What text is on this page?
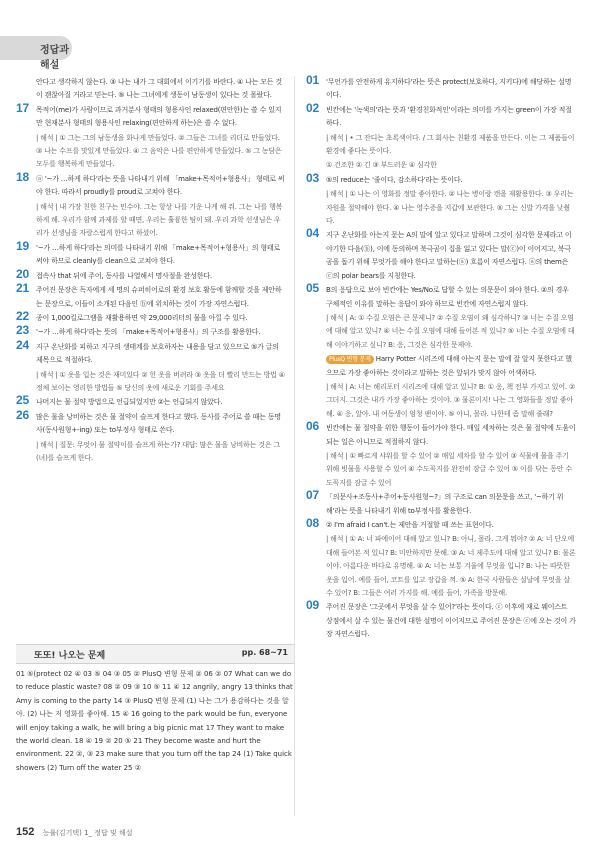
정답과 해설
안다고 생각하지 않는다. ③ 나는 내가 그 대회에서 이기기를 바란다. ④ 나는 모든 것이 괜찮아질 거라고 믿는다. ⑤ 나는 그녀에게 생동이 남동생이 있다는 것 몰랐다.
17 목적어(me)가 사람이므로 과거분사 형태의 형용사인 relaxed(편안한)는 쓸 수 있지만 현재분사 형태의 형용사인 relaxing(편안하게 하는)은 쓸 수 없다.
| 해석 | ① 그는 그의 남동생을 화나게 만들었다. ② 그들은 그녀를 리더로 만들었다. ③ 나는 수프를 맛있게 만들었다. ④ 그 음악은 나를 편안하게 만들었다. ⑤ 그 농담은 모두를 행복하게 만들었다.
18 ⓐ '~가 …하게 하다'라는 뜻을 나타내기 위해 「make+목적어+형용사」 형태로 써야 한다. 따라서 proudly를 proud로 고쳐야 한다.
| 해석 | 내 가장 친한 친구는 민수야. 그는 항상 나를 기운 나게 해 줘. 그는 나를 행복하게 해. 우리가 함께 과제를 할 때면, 우리는 훌륭한 팀이 돼. 우리 과학 선생님은 우리가 선생님을 자랑스럽게 한다고 하셨어.
19 '~가 …하게 하다'라는 의미를 나타내기 위해 「make+목적어+형용사」의 형태로 써야 하므로 cleanly를 clean으로 고쳐야 한다.
20 접속사 that 뒤에 주어, 동사를 나열해서 명사절을 완성한다.
21 주어진 문장은 독자에게 세 명의 슈퍼히어로의 환경 보호 활동에 함께할 것을 제안하는 문장으로, 이들이 소개된 다음인 ⓑ에 위치하는 것이 가장 자연스럽다.
22 종이 1,000킬로그램을 재활용하면 약 29,000리터의 물을 아낄 수 있다.
23 '~가 …하게 하다'라는 뜻의 「make+목적어+형용사」의 구조를 활용한다.
24 지구 온난화를 피하고 지구의 생태계를 보호하자는 내용을 담고 있으므로 ⑤가 글의 제목으로 적절하다.
| 해석 | ① 옷을 입는 것은 재미있다 ② 헌 옷을 버려라 ③ 옷을 더 빨리 만드는 방법 ④ 정체 보이는 영리한 방법들 ⑤ 당신의 옷에 새로운 기회를 주세요
25 나머지는 물 절약 방법으로 언급되었지만 ②는 언급되지 않았다.
26 많은 물을 낭비하는 것은 물 절약이 슬프게 한다고 했다. 동사를 주어로 쓸 때는 동명사(동사원형+-ing) 또는 to부정사 형태로 쓴다.
| 해석 | 질문: 무엇이 물 절약이를 슬프게 하는가? 대답: 많은 물을 낭비하는 것은 그(녀)를 슬프게 한다.
01 '무언가를 안전하게 유지하다'라는 뜻은 protect(보호하다, 지키다)에 해당하는 설명이다.
02 빈칸에는 '녹색의'라는 뜻과 '환경친화적인'이라는 의미를 가지는 green이 가장 적절하다.
| 해석 | • 그 잔디는 초록색이다. / 그 회사는 친환경 제품을 만든다. 이는 그 제품들이 환경에 좋다는 뜻이다.
① 건조한 ② 긴 ③ 부드러운 ④ 심각한
03 ⑤의 reduce는 '줄이다, 감소하다'라는 뜻이다.
| 해석 | ① 나는 이 영화를 정말 좋아한다. ② 나는 병이랑 캔을 재활용한다. ③ 우리는 자원을 절약해야 한다. ④ 나는 영수증을 지갑에 보관한다. ⑤ 그는 신발 가격을 낮췄다.
04 지구 온난화를 아는지 묻는 A의 말에 알고 있다고 말하며 그것이 심각한 문제라고 이야기한 다음(ⓑ), 이에 동의하며 북극곰이 집을 잃고 있다는 말(ⓒ)이 이어지고, 북극곰을 돕기 위해 무엇가를 해야 한다고 말하는(ⓐ) 흐름이 자연스럽다. ⓐ의 them은 ⓒ의 polar bears를 지칭한다.
05 B의 응답으로 보아 빈칸에는 Yes/No로 답할 수 있는 의문문이 와야 한다. ②의 경우 구체적인 이유를 말하는 응답이 와야 하므로 빈칸에 자연스럽지 않다.
| 해석 | A: ① 수질 오염은 큰 문제니? ② 수질 오염이 왜 심각하니? ③ 너는 수질 오염에 대해 알고 있니? ④ 너는 수질 오염에 대해 들어본 적 있니? ⑤ 너는 수질 오염에 대해 이야기하고 싶니? B: 응, 그것은 심각한 문제야.
PlusQ 변형 문제 Harry Potter 시리즈에 대해 아는지 묻는 말에 잘 알지 못한다고 했으므로 가장 좋아하는 것이라고 말하는 것은 앞뒤가 맞지 않아 어색하다.
| 해석 | A: 너는 해리포터 시리즈에 대해 알고 있니? B: ① 응, 책 전부 가지고 있어. ② 그더지. 그것은 내가 가장 좋아하는 것이야. ③ 물론이지! 나는 그 영화들을 정말 좋아해. ④ 응, 알아. 내 여동생이 엄청 팬이야. ⑤ 아니, 몰라. 나한테 좀 말해 줄래?
06 빈칸에는 물 절약을 위한 행동이 들어가야 한다. 매일 세차하는 것은 물 절약에 도움이 되는 일은 아니므로 적절하지 않다.
| 해석 | ① 빠르게 샤워를 할 수 있어 ② 매일 세차를 할 수 있어 ③ 식물에 물을 주기 위해 빗물을 사용할 수 있어 ④ 수도꼭지를 완전히 잠글 수 있어 ⑤ 이를 닦는 동안 수도꼭지를 잠글 수 있어
07 「의문사+조동사+주어+동사원형~?」의 구조로 can 의문문을 쓰고, '~하기 위해'라는 뜻을 나타내기 위해 to부정사를 활용한다.
08 ② I'm afraid I can't.는 제안을 거절할 때 쓰는 표현이다.
| 해석 | ① A: 너 파에이어 대해 알고 있니? B: 아니, 몰라. 그게 뭐야? ② A: 너 단오에 대해 들어본 적 있니? B: 미안하지만 못해. ③ A: 너 제주도에 대해 알고 있니? B: 물론이야. 아름다운 바다로 유명해. ④ A: 너는 보통 겨울에 무엇을 입니? B: 나는 따뜻한 옷을 입어. 예를 들어, 코트를 입고 장갑을 껴. ⑤ A: 한국 사람들은 설날에 무엇을 살 수 있어? B: 그들은 여러 가지를 해. 예를 들어, 가족을 방문해.
09 주어진 문장은 '그곳에서 무엇을 살 수 있어?'라는 뜻이다. ⓒ 이후에 재로 웨이스트 상점에서 살 수 있는 물건에 대한 설명이 이어지므로 주어진 문장은 ⓒ에 오는 것이 가장 자연스럽다.
또또! 나오는 문제	pp. 68~71
01 ⑤(protect 02 ④ 03 ⑤ 04 ③ 05 ② PlusQ 변형 문제 ② 06 ② 07 What can we do to reduce plastic waste? 08 ② 09 ③ 10 ⑤ 11 ④ 12 angrily, angry 13 thinks that Amy is coming to the party 14 ③ PlusQ 변형 문제 (1) 나는 그가 용감하다는 것을 알아. (2) 나는 저 영화를 좋아해. 15 ④ 16 going to the park would be fun, everyone will enjoy taking a walk, he will bring a big picnic mat 17 They want to make the world clean. 18 ④ 19 ② 20 ⑤ 21 They become waste and hurt the environment. 22 ②, ③ 23 make sure that you turn off the tap 24 (1) Take quick showers (2) Turn off the water 25 ②
152 능률(김기택) 1_ 정답 및 해설
